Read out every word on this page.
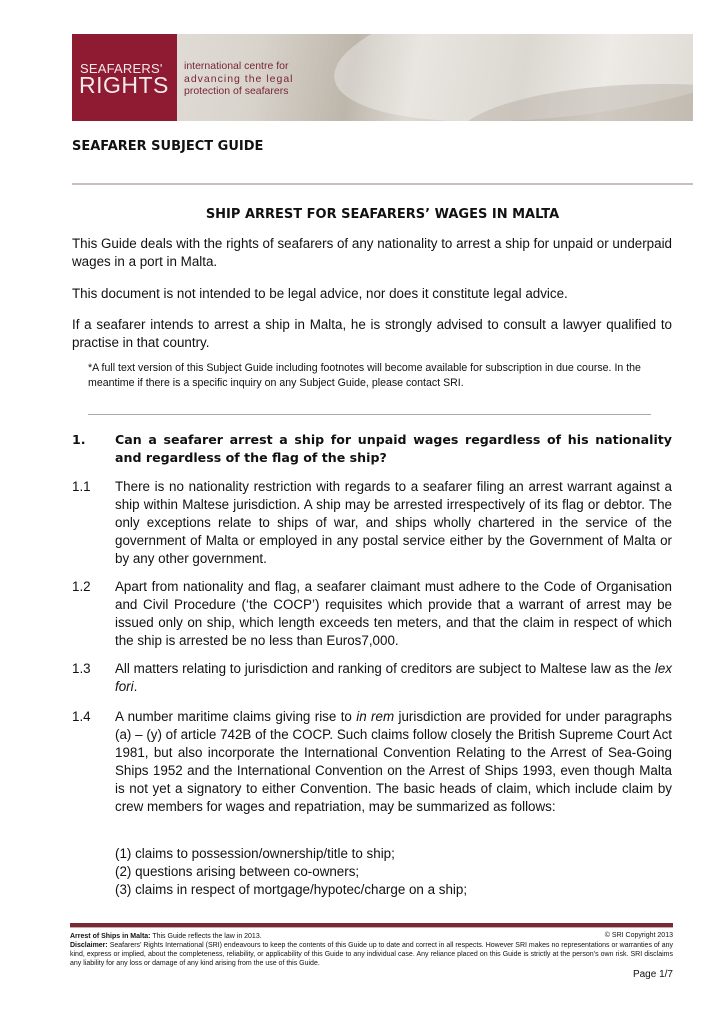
SEAFARERS'
RIGHTS
international centre for
advancing the legal
protection of seafarers
SEAFARER SUBJECT GUIDE
SHIP ARREST FOR SEAFARERS’ WAGES IN MALTA
This Guide deals with the rights of seafarers of any nationality to arrest a ship for unpaid or underpaid wages in a port in Malta.
This document is not intended to be legal advice, nor does it constitute legal advice.
If a seafarer intends to arrest a ship in Malta, he is strongly advised to consult a lawyer qualified to practise in that country.
*A full text version of this Subject Guide including footnotes will become available for subscription in due course. In the meantime if there is a specific inquiry on any Subject Guide, please contact SRI.
1. Can a seafarer arrest a ship for unpaid wages regardless of his nationality and regardless of the flag of the ship?
1.1 There is no nationality restriction with regards to a seafarer filing an arrest warrant against a ship within Maltese jurisdiction. A ship may be arrested irrespectively of its flag or debtor. The only exceptions relate to ships of war, and ships wholly chartered in the service of the government of Malta or employed in any postal service either by the Government of Malta or by any other government.
1.2 Apart from nationality and flag, a seafarer claimant must adhere to the Code of Organisation and Civil Procedure (‘the COCP’) requisites which provide that a warrant of arrest may be issued only on ship, which length exceeds ten meters, and that the claim in respect of which the ship is arrested be no less than Euros7,000.
1.3 All matters relating to jurisdiction and ranking of creditors are subject to Maltese law as the lex fori.
1.4 A number maritime claims giving rise to in rem jurisdiction are provided for under paragraphs (a) – (y) of article 742B of the COCP. Such claims follow closely the British Supreme Court Act 1981, but also incorporate the International Convention Relating to the Arrest of Sea-Going Ships 1952 and the International Convention on the Arrest of Ships 1993, even though Malta is not yet a signatory to either Convention. The basic heads of claim, which include claim by crew members for wages and repatriation, may be summarized as follows:
(1) claims to possession/ownership/title to ship;
(2) questions arising between co-owners;
(3) claims in respect of mortgage/hypotec/charge on a ship;
Arrest of Ships in Malta: This Guide reflects the law in 2013.	© SRI Copyright 2013
Disclaimer: Seafarers’ Rights International (SRI) endeavours to keep the contents of this Guide up to date and correct in all respects. However SRI makes no representations or warranties of any kind, express or implied, about the completeness, reliability, or applicability of this Guide to any individual case. Any reliance placed on this Guide is strictly at the person’s own risk. SRI disclaims any liability for any loss or damage of any kind arising from the use of this Guide.
Page 1/7
